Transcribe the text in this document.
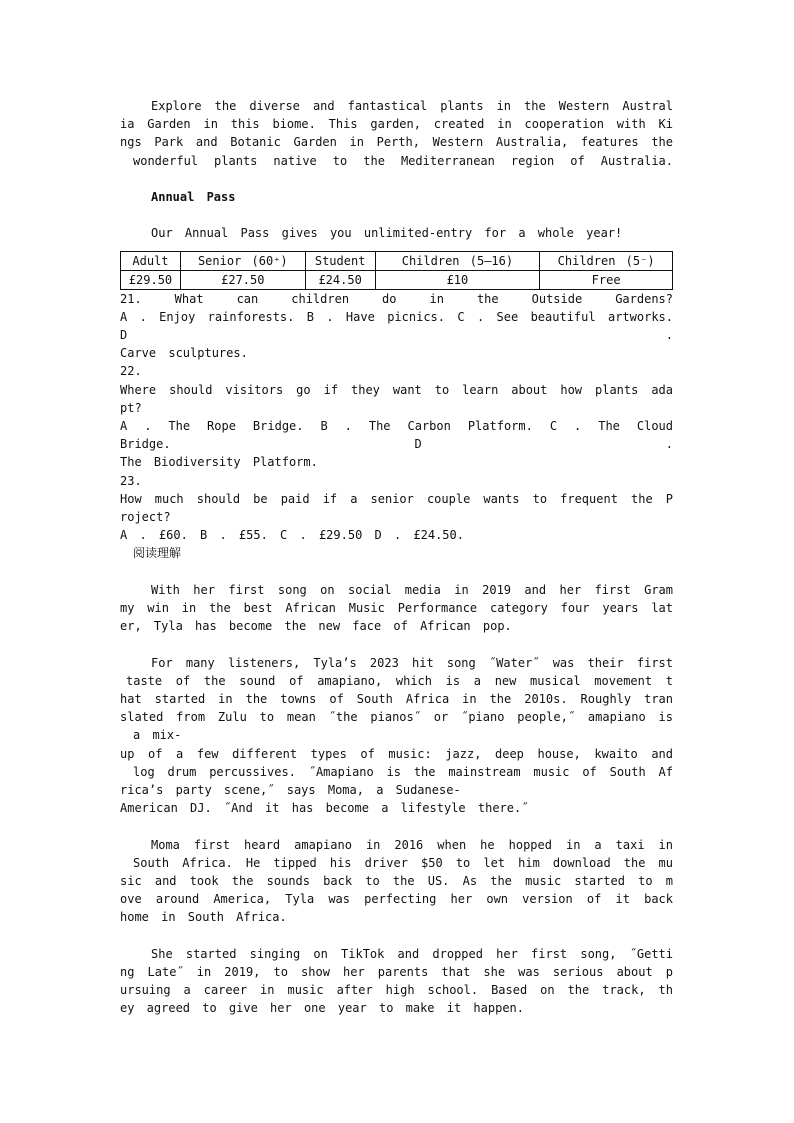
Explore the diverse and fantastical plants in the Western Austral

ia Garden in this biome. This garden, created in cooperation with Ki

ngs Park and Botanic Garden in Perth, Western Australia, features the

wonderful plants native to the Mediterranean region of Australia.

Annual Pass

Our Annual Pass gives you unlimited-entry for a whole year!

Adult	Senior (60⁺)	Student	Children (5—16)	Children (5⁻)
£29.50	£27.50	£24.50	£10	Free

21. What can children do in the Outside Gardens?

A . Enjoy rainforests. B . Have picnics. C . See beautiful artworks. D .

Carve sculptures.

22.

Where should visitors go if they want to learn about how plants ada

pt?

A . The Rope Bridge. B . The Carbon Platform. C . The Cloud Bridge. D .

The Biodiversity Platform.

23.

How much should be paid if a senior couple wants to frequent the P

roject?

A . £60. B . £55. C . £29.50 D . £24.50.

阅读理解

With her first song on social media in 2019 and her first Gram

my win in the best African Music Performance category four years lat

er, Tyla has become the new face of African pop.

For many listeners, Tyla’s 2023 hit song ˝Water˝ was their first

taste of the sound of amapiano, which is a new musical movement t

hat started in the towns of South Africa in the 2010s. Roughly tran

slated from Zulu to mean ˝the pianos˝ or ˝piano people,˝ amapiano is

a mix-

up of a few different types of music: jazz, deep house, kwaito and

log drum percussives. ˝Amapiano is the mainstream music of South Af

rica’s party scene,˝ says Moma, a Sudanese-

American DJ. ˝And it has become a lifestyle there.˝

Moma first heard amapiano in 2016 when he hopped in a taxi in

South Africa. He tipped his driver $50 to let him download the mu

sic and took the sounds back to the US. As the music started to m

ove around America, Tyla was perfecting her own version of it back

home in South Africa.

She started singing on TikTok and dropped her first song, ˝Getti

ng Late˝ in 2019, to show her parents that she was serious about p

ursuing a career in music after high school. Based on the track, th

ey agreed to give her one year to make it happen.
